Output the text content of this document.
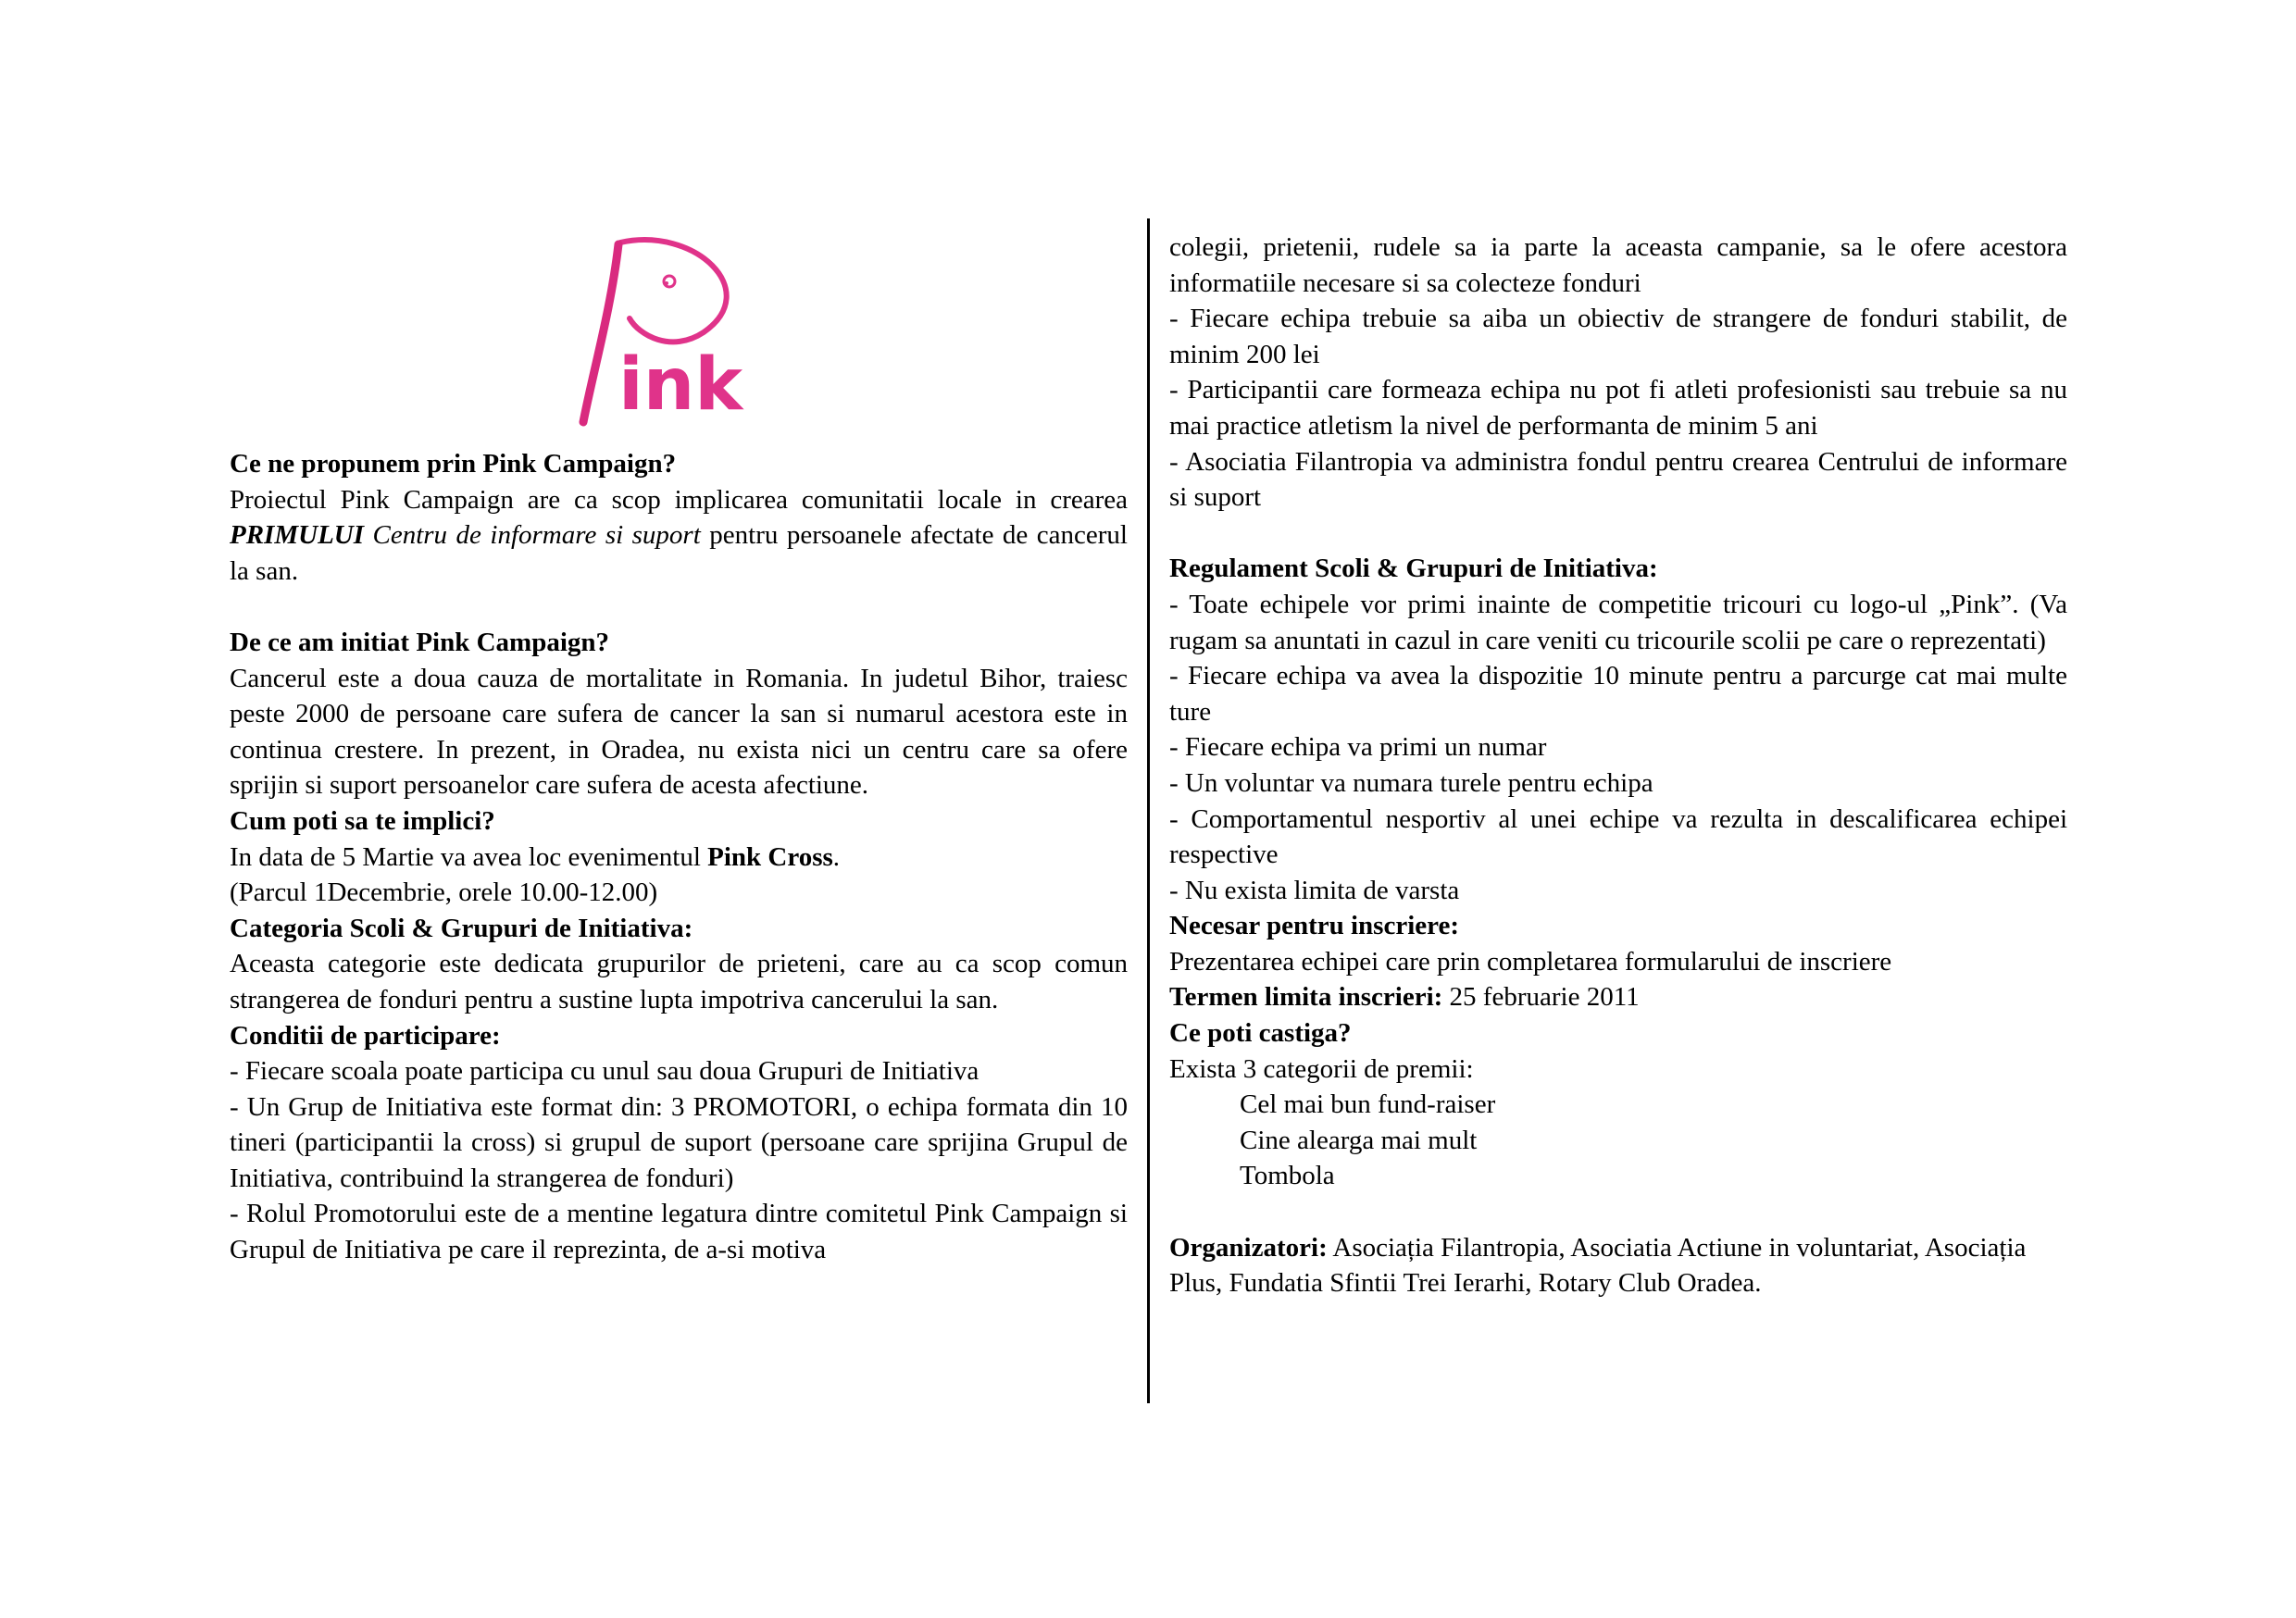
ink

Ce ne propunem prin Pink Campaign?

Proiectul Pink Campaign are ca scop implicarea comunitatii locale in crearea PRIMULUI Centru de informare si suport pentru persoanele afectate de cancerul la san.

De ce am initiat Pink Campaign?

Cancerul este a doua cauza de mortalitate in Romania. In judetul Bihor, traiesc peste 2000 de persoane care sufera de cancer la san si numarul acestora este in continua crestere. In prezent, in Oradea, nu exista nici un centru care sa ofere sprijin si suport persoanelor care sufera de acesta afectiune.

Cum poti sa te implici?

In data de 5 Martie va avea loc evenimentul Pink Cross.

(Parcul 1Decembrie, orele 10.00-12.00)

Categoria Scoli & Grupuri de Initiativa:

Aceasta categorie este dedicata grupurilor de prieteni, care au ca scop comun strangerea de fonduri pentru a sustine lupta impotriva cancerului la san.

Conditii de participare:

- Fiecare scoala poate participa cu unul sau doua Grupuri de Initiativa

- Un Grup de Initiativa este format din: 3 PROMOTORI, o echipa formata din 10 tineri (participantii la cross) si grupul de suport (persoane care sprijina Grupul de Initiativa, contribuind la strangerea de fonduri)

- Rolul Promotorului este de a mentine legatura dintre comitetul Pink Campaign si Grupul de Initiativa pe care il reprezinta, de a-si motiva

colegii, prietenii, rudele sa ia parte la aceasta campanie, sa le ofere acestora informatiile necesare si sa colecteze fonduri

- Fiecare echipa trebuie sa aiba un obiectiv de strangere de fonduri stabilit, de minim 200 lei

- Participantii care formeaza echipa nu pot fi atleti profesionisti sau trebuie sa nu mai practice atletism la nivel de performanta de minim 5 ani

- Asociatia Filantropia va administra fondul pentru crearea Centrului de informare si suport

Regulament Scoli & Grupuri de Initiativa:

- Toate echipele vor primi inainte de competitie tricouri cu logo-ul „Pink”. (Va rugam sa anuntati in cazul in care veniti cu tricourile scolii pe care o reprezentati)

- Fiecare echipa va avea la dispozitie 10 minute pentru a parcurge cat mai multe ture

- Fiecare echipa va primi un numar

- Un voluntar va numara turele pentru echipa

- Comportamentul nesportiv al unei echipe va rezulta in descalificarea echipei respective

- Nu exista limita de varsta

Necesar pentru inscriere:

Prezentarea echipei care prin completarea formularului de inscriere

Termen limita inscrieri: 25 februarie 2011

Ce poti castiga?

Exista 3 categorii de premii:

Cel mai bun fund-raiser

Cine alearga mai mult

Tombola

Organizatori: Asociația Filantropia, Asociatia Actiune in voluntariat, Asociația Plus, Fundatia Sfintii Trei Ierarhi, Rotary Club Oradea.
